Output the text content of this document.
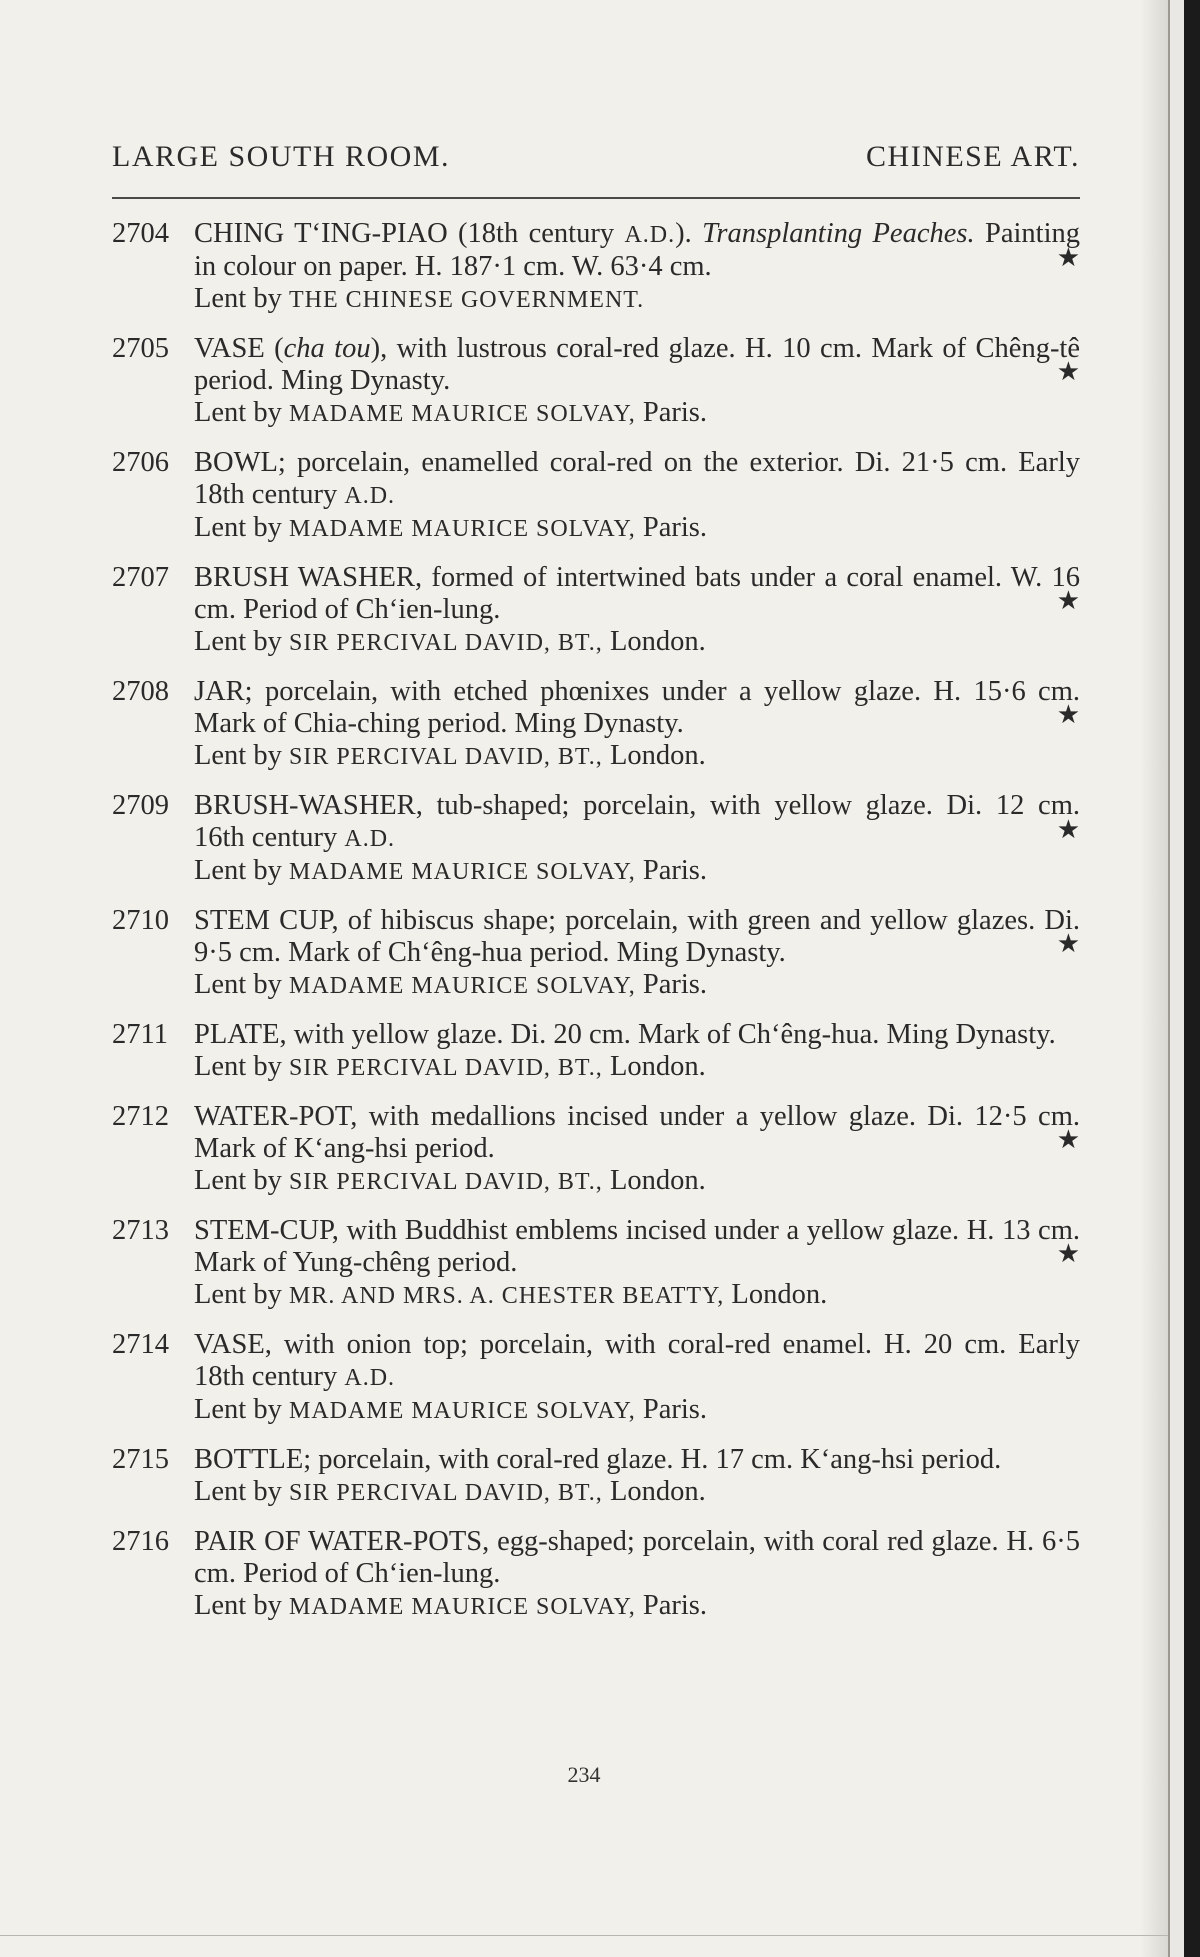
LARGE SOUTH ROOM.	CHINESE ART.
2704 CHING T‘ING-PIAO (18th century A.D.). Transplanting Peaches. Painting in colour on paper. H. 187·1 cm. W. 63·4 cm.	★
Lent by THE CHINESE GOVERNMENT.
2705 VASE (cha tou), with lustrous coral-red glaze. H. 10 cm. Mark of Chêng-tê period. Ming Dynasty.	★
Lent by MADAME MAURICE SOLVAY, Paris.
2706 BOWL; porcelain, enamelled coral-red on the exterior. Di. 21·5 cm. Early 18th century A.D.
Lent by MADAME MAURICE SOLVAY, Paris.
2707 BRUSH WASHER, formed of intertwined bats under a coral enamel. W. 16 cm. Period of Ch‘ien-lung.	★
Lent by SIR PERCIVAL DAVID, BT., London.
2708 JAR; porcelain, with etched phœnixes under a yellow glaze. H. 15·6 cm. Mark of Chia-ching period. Ming Dynasty.	★
Lent by SIR PERCIVAL DAVID, BT., London.
2709 BRUSH-WASHER, tub-shaped; porcelain, with yellow glaze. Di. 12 cm. 16th century A.D.	★
Lent by MADAME MAURICE SOLVAY, Paris.
2710 STEM CUP, of hibiscus shape; porcelain, with green and yellow glazes. Di. 9·5 cm. Mark of Ch‘êng-hua period. Ming Dynasty.	★
Lent by MADAME MAURICE SOLVAY, Paris.
2711 PLATE, with yellow glaze. Di. 20 cm. Mark of Ch‘êng-hua. Ming Dynasty.
Lent by SIR PERCIVAL DAVID, BT., London.
2712 WATER-POT, with medallions incised under a yellow glaze. Di. 12·5 cm. Mark of K‘ang-hsi period.	★
Lent by SIR PERCIVAL DAVID, BT., London.
2713 STEM-CUP, with Buddhist emblems incised under a yellow glaze. H. 13 cm. Mark of Yung-chêng period.	★
Lent by MR. AND MRS. A. CHESTER BEATTY, London.
2714 VASE, with onion top; porcelain, with coral-red enamel. H. 20 cm. Early 18th century A.D.
Lent by MADAME MAURICE SOLVAY, Paris.
2715 BOTTLE; porcelain, with coral-red glaze. H. 17 cm. K‘ang-hsi period.
Lent by SIR PERCIVAL DAVID, BT., London.
2716 PAIR OF WATER-POTS, egg-shaped; porcelain, with coral red glaze. H. 6·5 cm. Period of Ch‘ien-lung.
Lent by MADAME MAURICE SOLVAY, Paris.
234
